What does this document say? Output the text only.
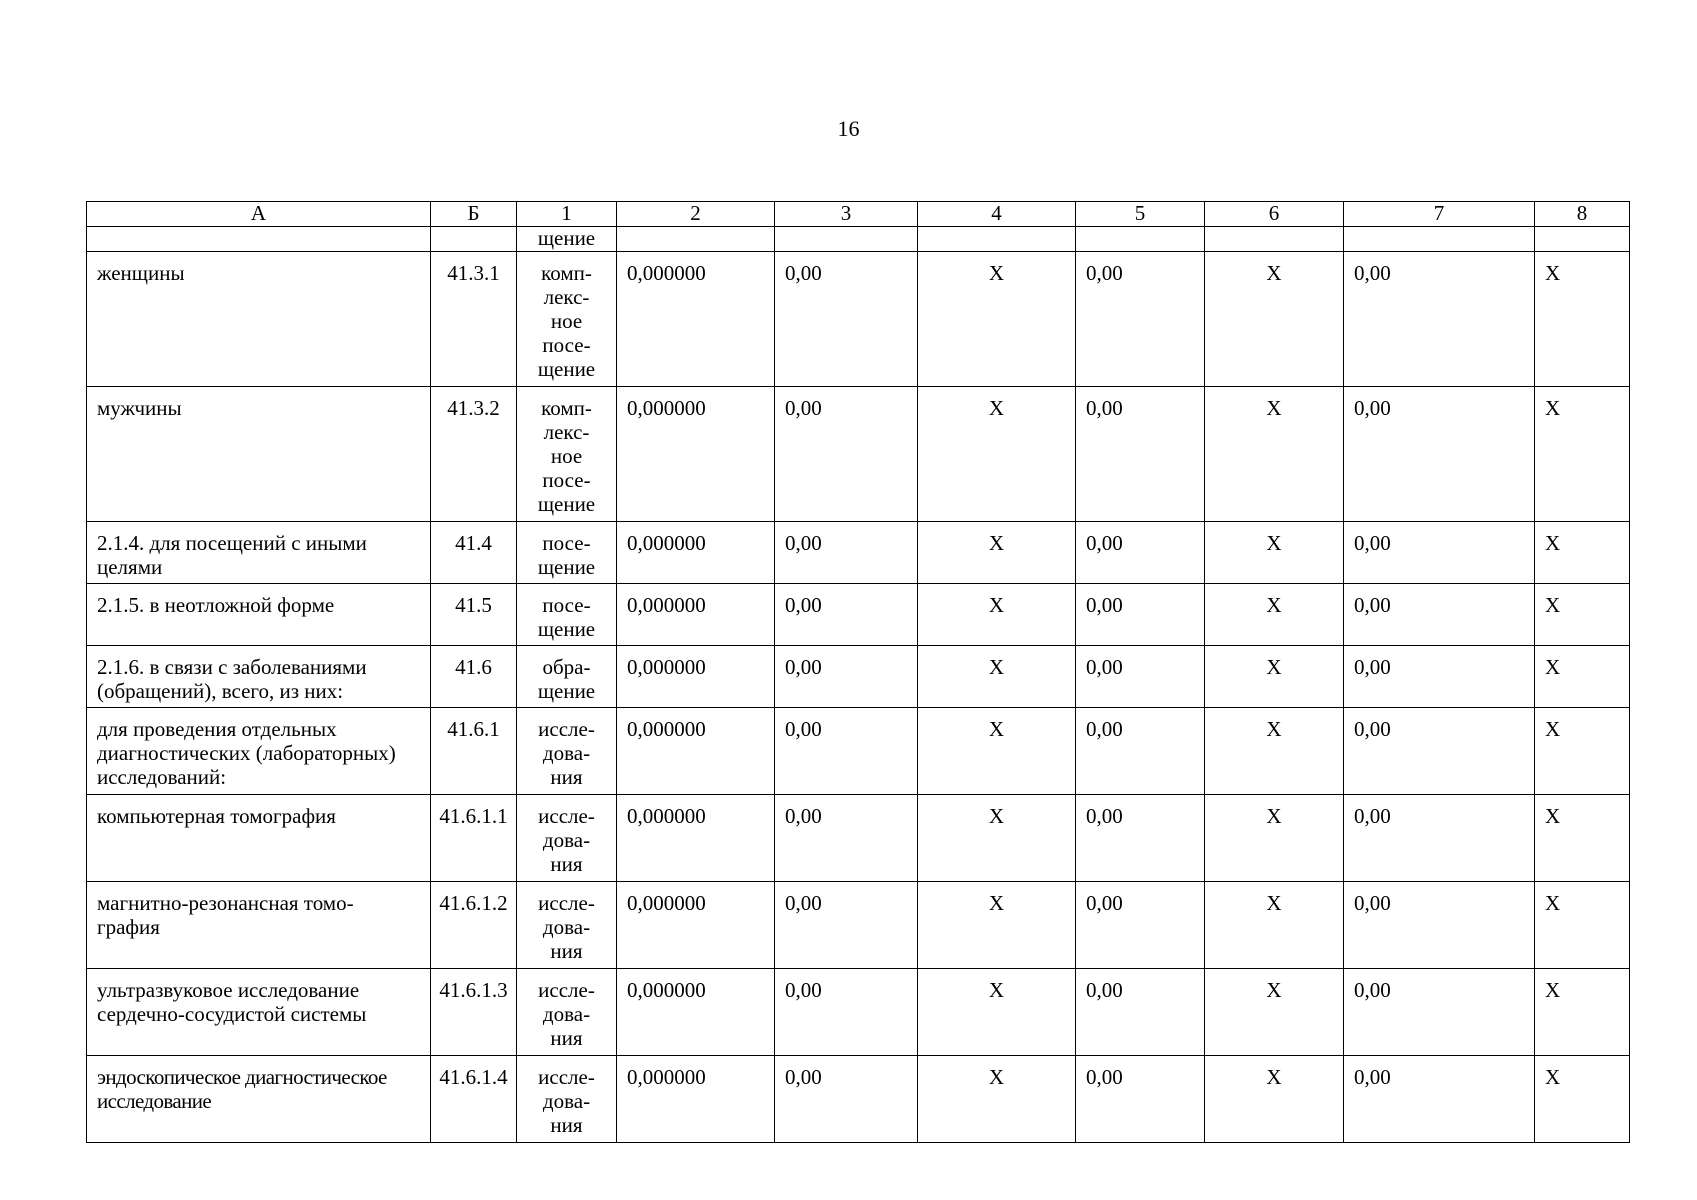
16
А	Б	1	2	3	4	5	6	7	8
		щение							
женщины	41.3.1	комп-
лекс-
ное
посе-
щение	0,000000	0,00	Х	0,00	Х	0,00	Х
мужчины	41.3.2	комп-
лекс-
ное
посе-
щение	0,000000	0,00	Х	0,00	Х	0,00	Х
2.1.4. для посещений с иными целями	41.4	посе-
щение	0,000000	0,00	Х	0,00	Х	0,00	Х
2.1.5. в неотложной форме	41.5	посе-
щение	0,000000	0,00	Х	0,00	Х	0,00	Х
2.1.6. в связи с заболеваниями (обращений), всего, из них:	41.6	обра-
щение	0,000000	0,00	Х	0,00	Х	0,00	Х
для проведения отдельных диагностических (лабораторных) исследований:	41.6.1	иссле-
дова-
ния	0,000000	0,00	Х	0,00	Х	0,00	Х
компьютерная томография	41.6.1.1	иссле-
дова-
ния	0,000000	0,00	Х	0,00	Х	0,00	Х
магнитно-резонансная томо- графия	41.6.1.2	иссле-
дова-
ния	0,000000	0,00	Х	0,00	Х	0,00	Х
ультразвуковое исследование сердечно-сосудистой системы	41.6.1.3	иссле-
дова-
ния	0,000000	0,00	Х	0,00	Х	0,00	Х
эндоскопическое диагностическое исследование	41.6.1.4	иссле-
дова-
ния	0,000000	0,00	Х	0,00	Х	0,00	Х
